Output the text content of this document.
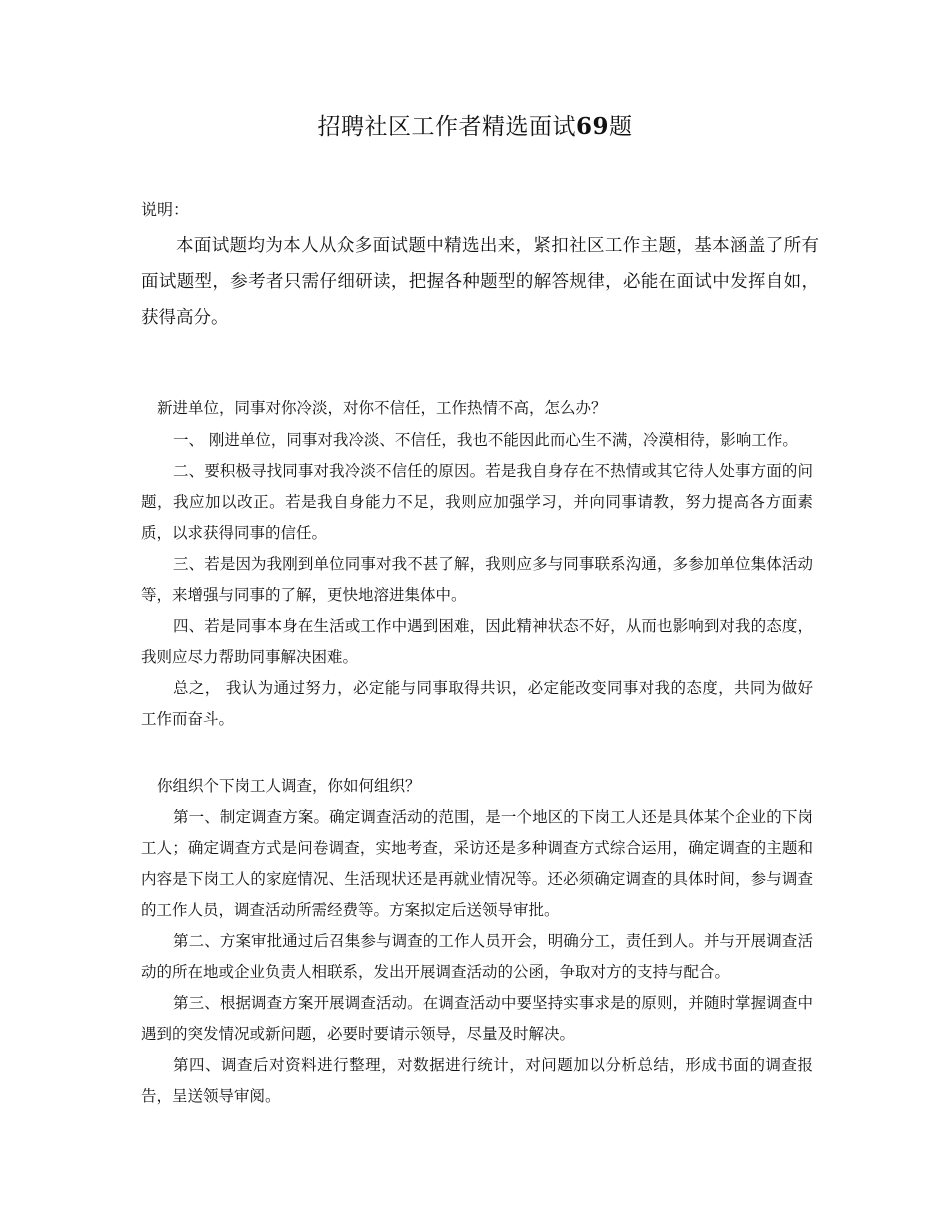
招聘社区工作者精选面试69题
说明：

本面试题均为本人从众多面试题中精选出来，紧扣社区工作主题，基本涵盖了所有面试题型，参考者只需仔细研读，把握各种题型的解答规律，必能在面试中发挥自如，获得高分。

新进单位，同事对你冷淡，对你不信任，工作热情不高，怎么办？

一、 刚进单位，同事对我冷淡、不信任，我也不能因此而心生不满，冷漠相待，影响工作。

二、要积极寻找同事对我冷淡不信任的原因。若是我自身存在不热情或其它待人处事方面的问题，我应加以改正。若是我自身能力不足，我则应加强学习，并向同事请教，努力提高各方面素质，以求获得同事的信任。

三、若是因为我刚到单位同事对我不甚了解，我则应多与同事联系沟通，多参加单位集体活动等，来增强与同事的了解，更快地溶进集体中。

四、若是同事本身在生活或工作中遇到困难，因此精神状态不好，从而也影响到对我的态度，我则应尽力帮助同事解决困难。

总之， 我认为通过努力，必定能与同事取得共识，必定能改变同事对我的态度，共同为做好工作而奋斗。

你组织个下岗工人调查，你如何组织？

第一、制定调查方案。确定调查活动的范围，是一个地区的下岗工人还是具体某个企业的下岗工人；确定调查方式是问卷调查，实地考查，采访还是多种调查方式综合运用，确定调查的主题和内容是下岗工人的家庭情况、生活现状还是再就业情况等。还必须确定调查的具体时间，参与调查的工作人员，调查活动所需经费等。方案拟定后送领导审批。

第二、方案审批通过后召集参与调查的工作人员开会，明确分工，责任到人。并与开展调查活动的所在地或企业负责人相联系，发出开展调查活动的公函，争取对方的支持与配合。

第三、根据调查方案开展调查活动。在调查活动中要坚持实事求是的原则，并随时掌握调查中遇到的突发情况或新问题，必要时要请示领导，尽量及时解决。

第四、调查后对资料进行整理，对数据进行统计，对问题加以分析总结，形成书面的调查报告，呈送领导审阅。
